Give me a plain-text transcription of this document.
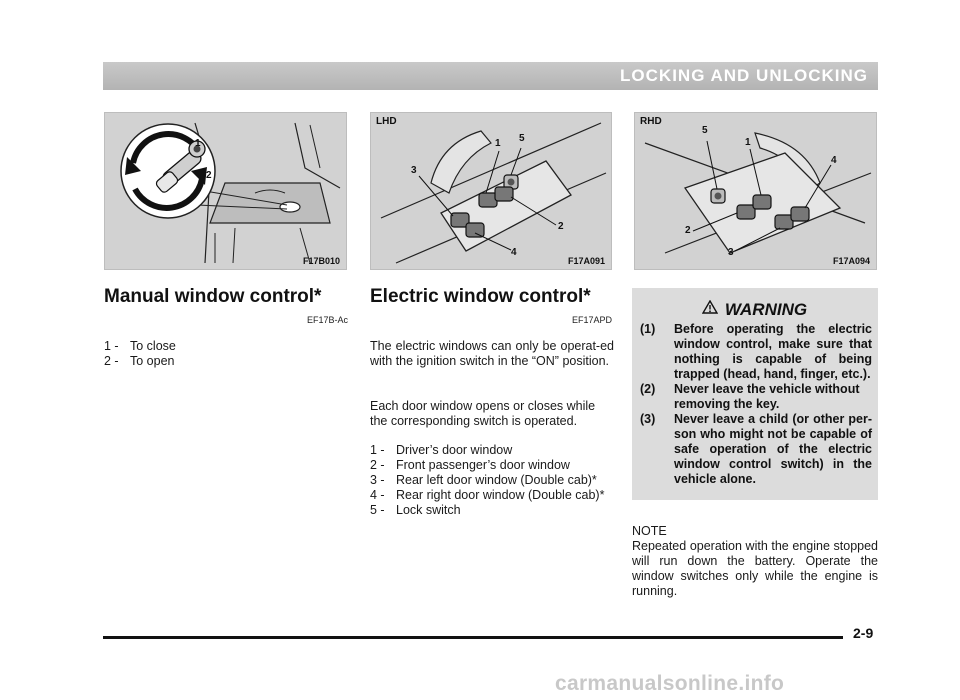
LOCKING AND UNLOCKING
1
2
F17B010
LHD
1 5
3
2
4
F17A091
RHD
5
1
4
2
3
F17A094
Manual window control*
EF17B-Ac
1 - To close
2 - To open
Electric window control*
EF17APD
The electric windows can only be operat-ed with the ignition switch in the “ON” position.
Each door window opens or closes while the corresponding switch is operated.
1 - Driver’s door window
2 - Front passenger’s door window
3 - Rear left door window (Double cab)*
4 - Rear right door window (Double cab)*
5 - Lock switch
WARNING
(1)	Before operating the electric window control, make sure that nothing is capable of being trapped (head, hand, finger, etc.).
(2)	Never leave the vehicle without removing the key.
(3)	Never leave a child (or other per-son who might not be capable of safe operation of the electric window control switch) in the vehicle alone.
NOTE
Repeated operation with the engine stopped will run down the battery. Operate the window switches only while the engine is running.
2-9
carmanualsonline.info
